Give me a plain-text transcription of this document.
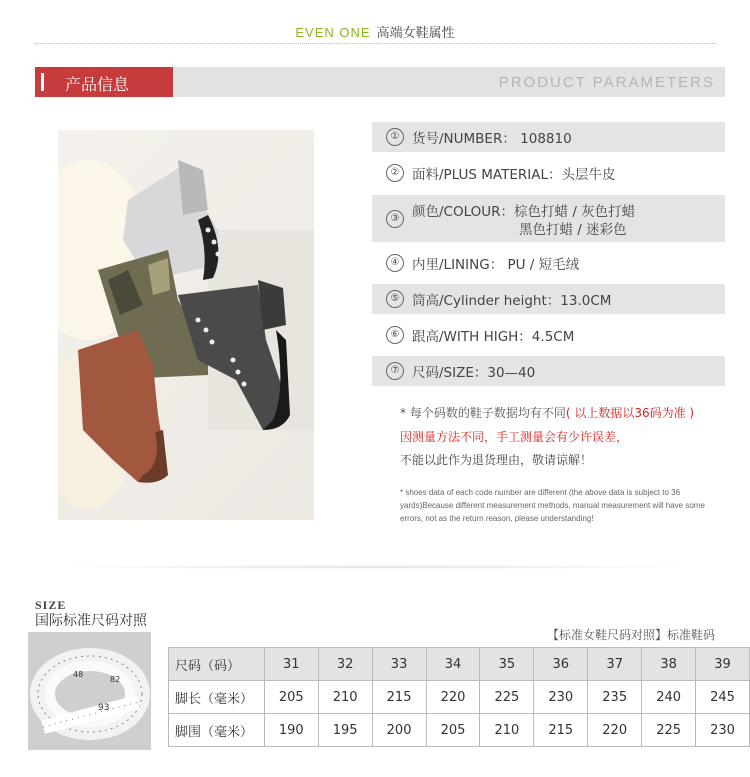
EVEN ONE 高端女鞋属性
产品信息	PRODUCT PARAMETERS
① 货号/NUMBER： 108810
② 面料/PLUS MATERIAL：头层牛皮
③ 颜色/COLOUR：棕色打蜡 / 灰色打蜡
黑色打蜡 / 迷彩色
④ 内里/LINING： PU / 短毛绒
⑤ 筒高/Cylinder height：13.0CM
⑥ 跟高/WITH HIGH：4.5CM
⑦ 尺码/SIZE：30—40
* 每个码数的鞋子数据均有不同( 以上数据以36码为准 )
因测量方法不同，手工测量会有少许误差，
不能以此作为退货理由，敬请谅解！
* shoes data of each code number are different (the above data is subject to 36 yards)Because different measurement methods, manual measurement will have some errors, not as the return reason, please understanding!
SIZE
国际标准尺码对照
93
82
48
【标准女鞋尺码对照】标准鞋码
尺码（码）	31	32	33	34	35	36	37	38	39
脚长（毫米）	205	210	215	220	225	230	235	240	245
脚围（毫米）	190	195	200	205	210	215	220	225	230
